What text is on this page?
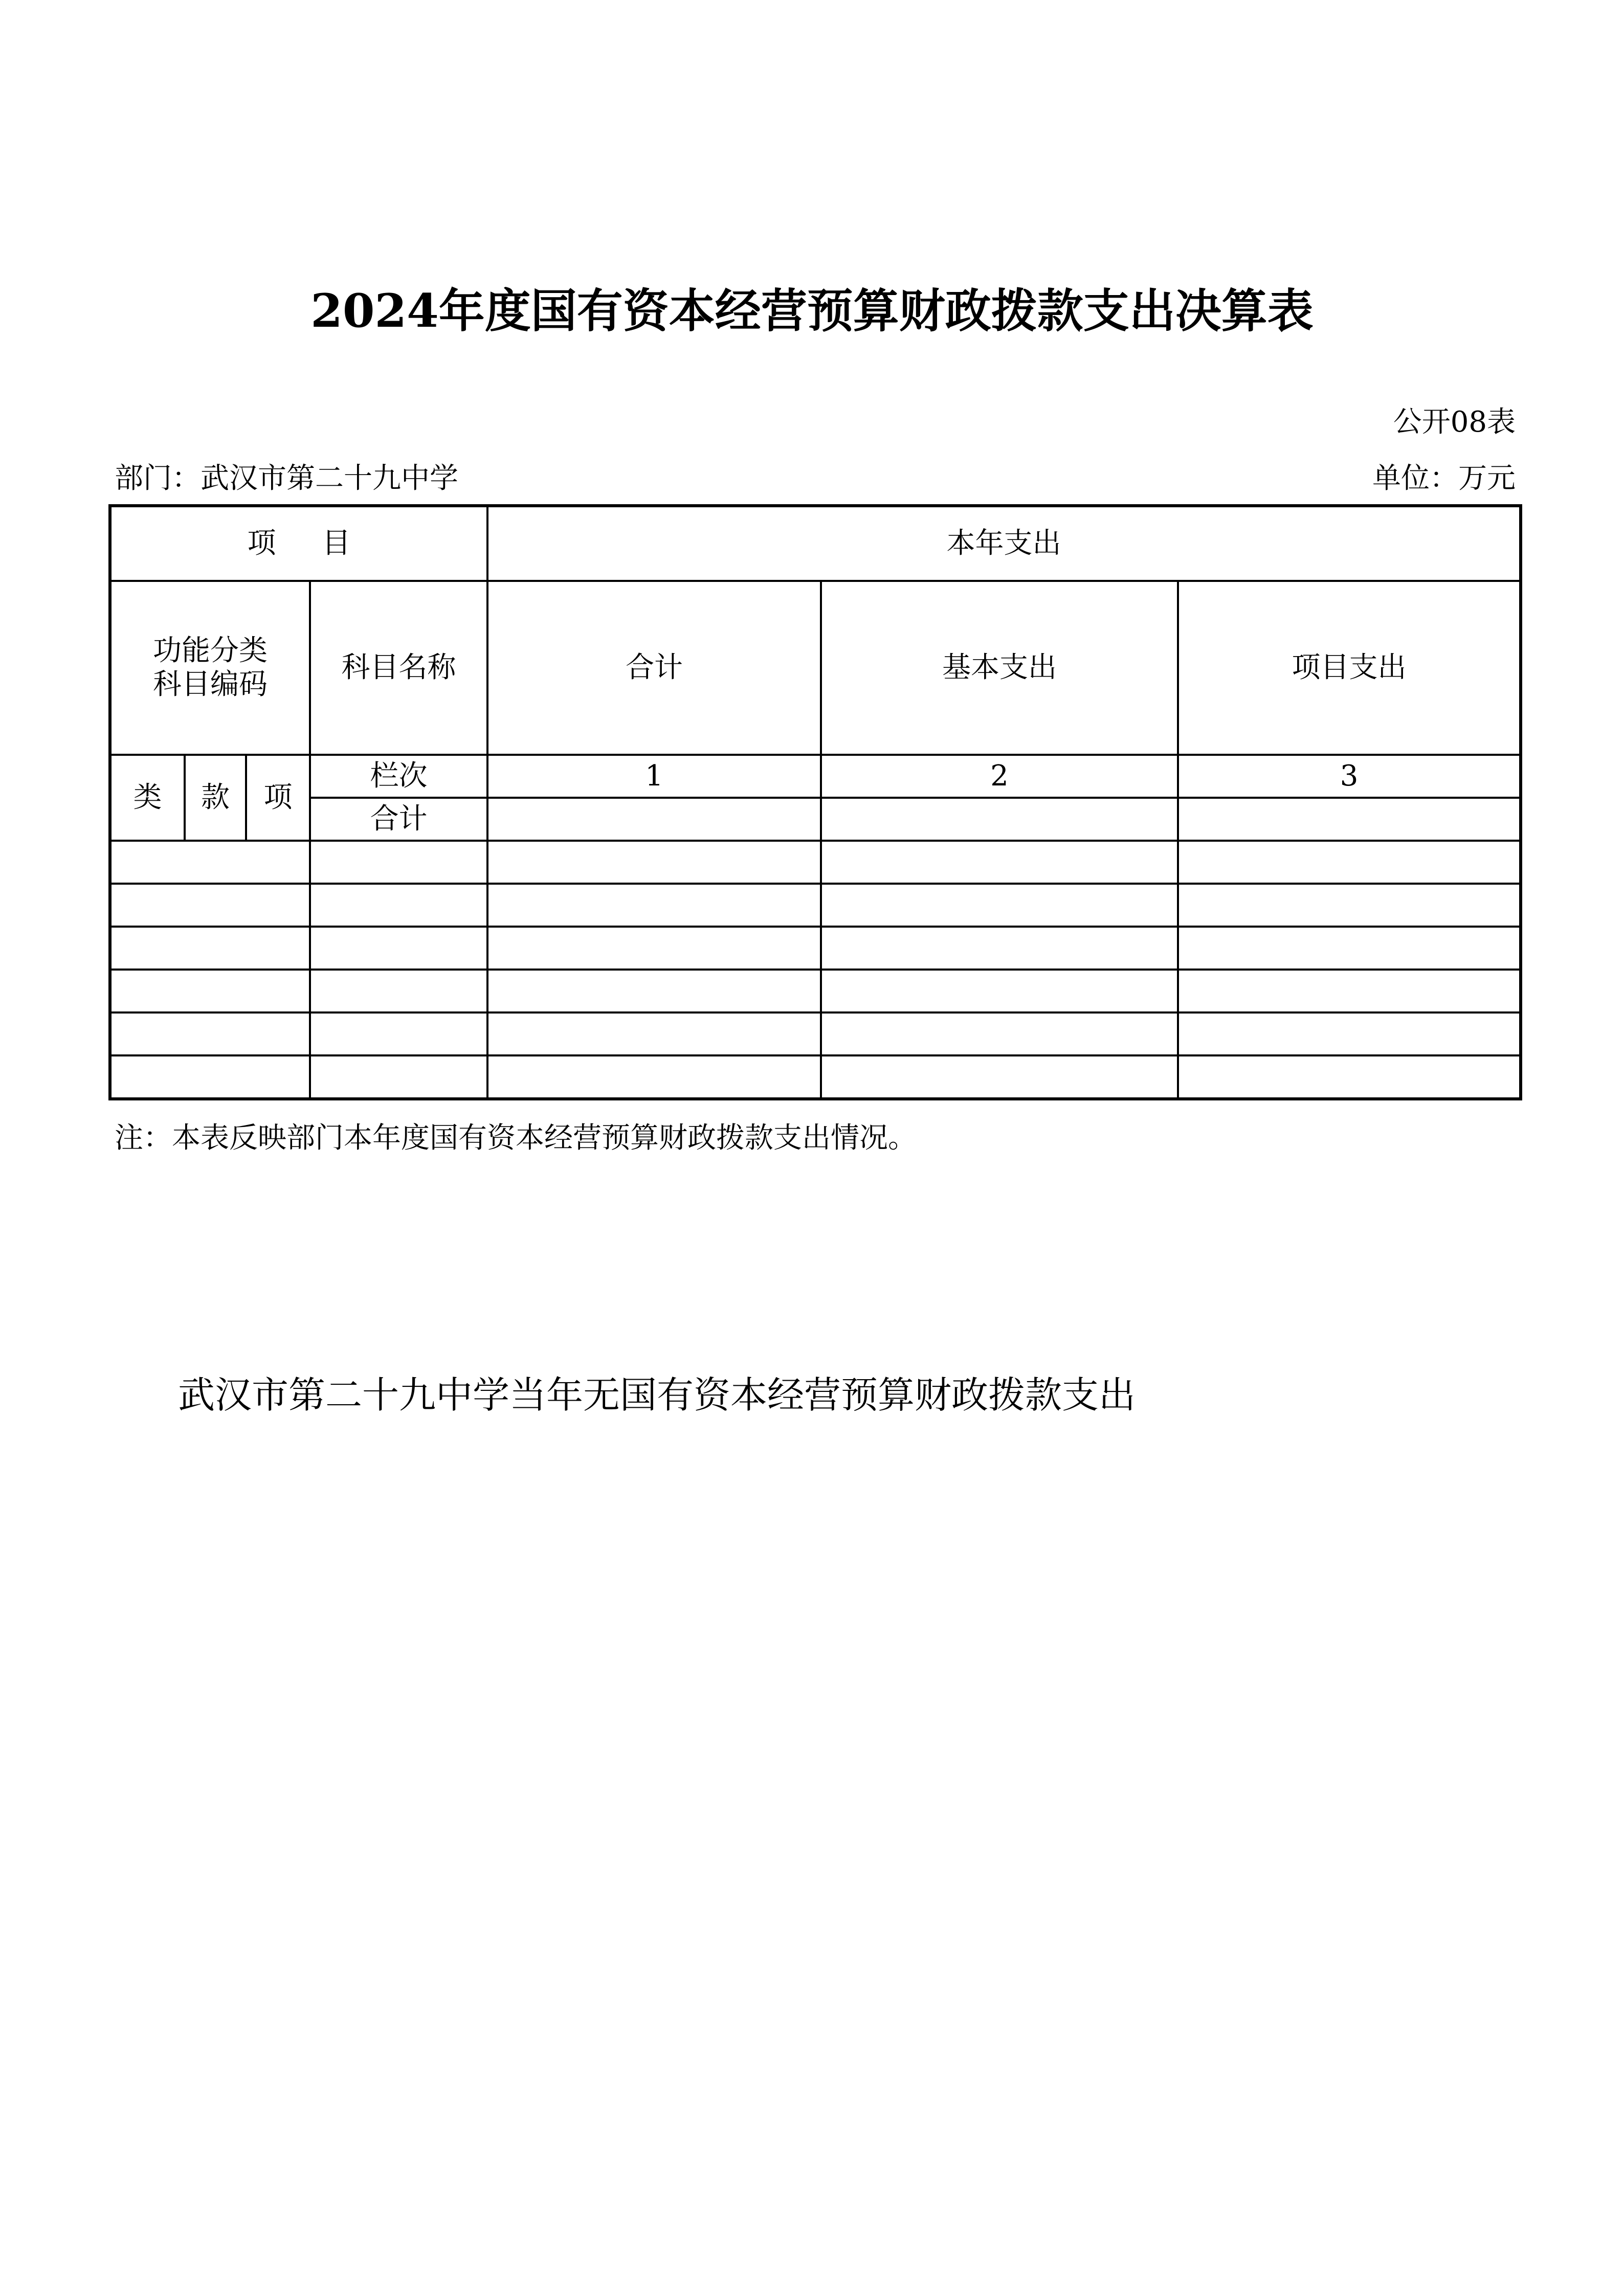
2024年度国有资本经营预算财政拨款支出决算表
公开08表
部门：武汉市第二十九中学	单位：万元
项目				本年支出		
功能分类
科目编码			科目名称	合计	基本支出	项目支出
类	款	项	栏次	1	2	3
			合计			

注：本表反映部门本年度国有资本经营预算财政拨款支出情况。
武汉市第二十九中学当年无国有资本经营预算财政拨款支出
